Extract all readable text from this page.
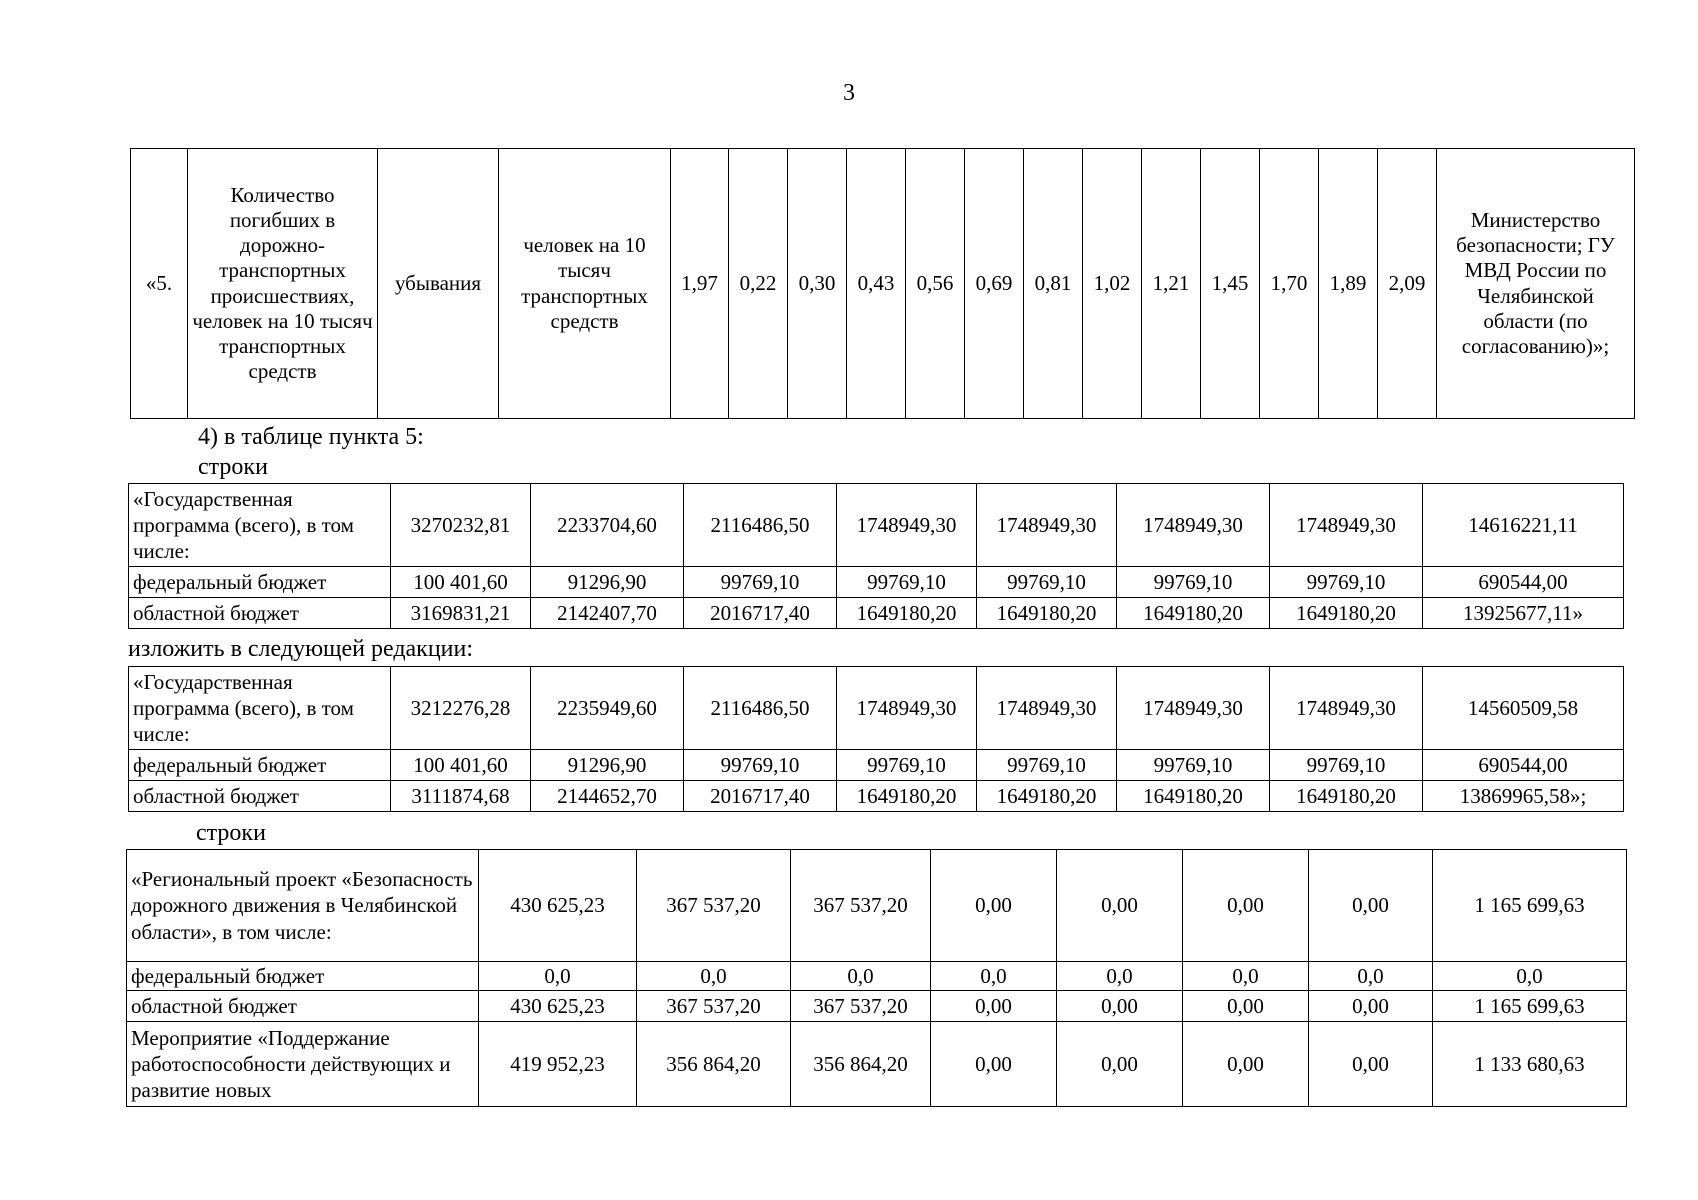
3
«5.	Количество погибших в дорожно-транспортных происшествиях, человек на 10 тысяч транспортных средств	убывания	человек на 10 тысяч транспортных средств	1,97	0,22	0,30	0,43	0,56	0,69	0,81	1,02	1,21	1,45	1,70	1,89	2,09	Министерство безопасности; ГУ МВД России по Челябинской области (по согласованию)»;
4) в таблице пункта 5:
строки
«Государственная программа (всего), в том числе:	3270232,81	2233704,60	2116486,50	1748949,30	1748949,30	1748949,30	1748949,30	14616221,11
федеральный бюджет	100 401,60	91296,90	99769,10	99769,10	99769,10	99769,10	99769,10	690544,00
областной бюджет	3169831,21	2142407,70	2016717,40	1649180,20	1649180,20	1649180,20	1649180,20	13925677,11»
изложить в следующей редакции:
«Государственная программа (всего), в том числе:	3212276,28	2235949,60	2116486,50	1748949,30	1748949,30	1748949,30	1748949,30	14560509,58
федеральный бюджет	100 401,60	91296,90	99769,10	99769,10	99769,10	99769,10	99769,10	690544,00
областной бюджет	3111874,68	2144652,70	2016717,40	1649180,20	1649180,20	1649180,20	1649180,20	13869965,58»;
строки
«Региональный проект «Безопасность дорожного движения в Челябинской области», в том числе:	430 625,23	367 537,20	367 537,20	0,00	0,00	0,00	0,00	1 165 699,63
федеральный бюджет	0,0	0,0	0,0	0,0	0,0	0,0	0,0	0,0
областной бюджет	430 625,23	367 537,20	367 537,20	0,00	0,00	0,00	0,00	1 165 699,63
Мероприятие «Поддержание работоспособности действующих и развитие новых	419 952,23	356 864,20	356 864,20	0,00	0,00	0,00	0,00	1 133 680,63
